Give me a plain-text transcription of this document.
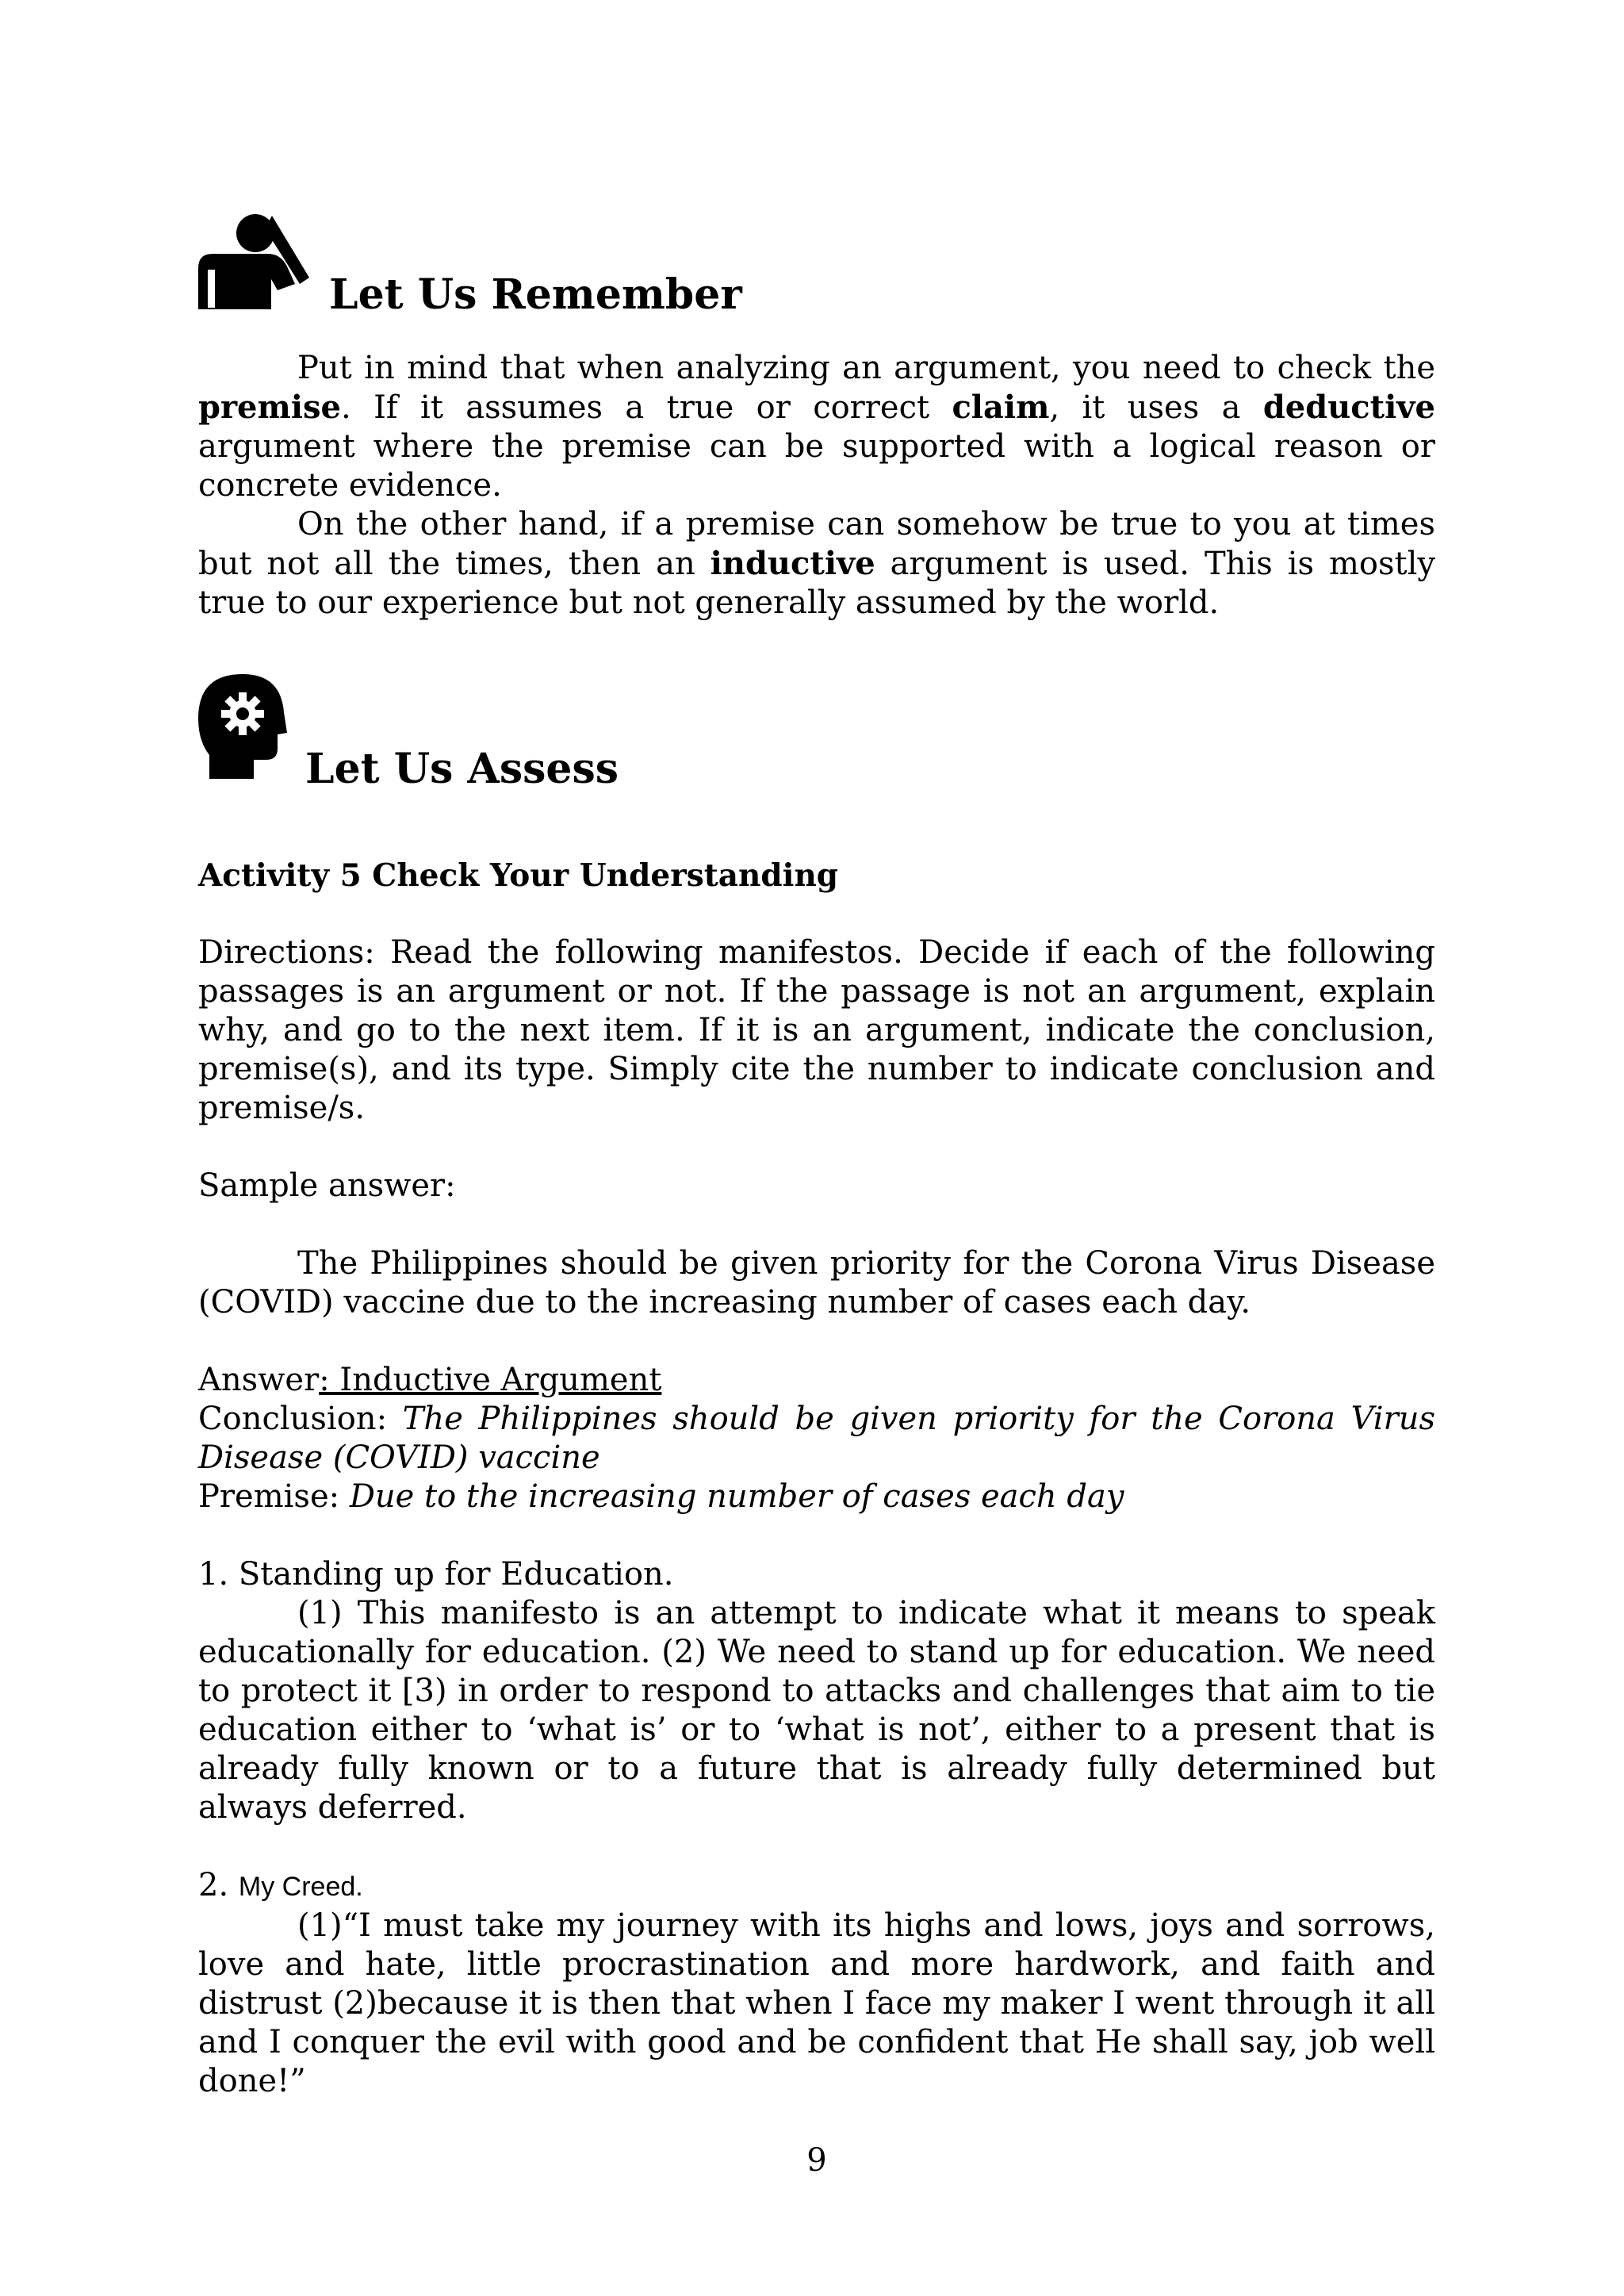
Let Us Remember

Put in mind that when analyzing an argument, you need to check the premise. If it assumes a true or correct claim, it uses a deductive argument where the premise can be supported with a logical reason or concrete evidence.

On the other hand, if a premise can somehow be true to you at times but not all the times, then an inductive argument is used. This is mostly true to our experience but not generally assumed by the world.

Let Us Assess

Activity 5 Check Your Understanding

Directions: Read the following manifestos. Decide if each of the following passages is an argument or not. If the passage is not an argument, explain why, and go to the next item. If it is an argument, indicate the conclusion, premise(s), and its type. Simply cite the number to indicate conclusion and premise/s.

Sample answer:

The Philippines should be given priority for the Corona Virus Disease (COVID) vaccine due to the increasing number of cases each day.

Answer: Inductive Argument

Conclusion: The Philippines should be given priority for the Corona Virus Disease (COVID) vaccine

Premise: Due to the increasing number of cases each day

1. Standing up for Education.

(1) This manifesto is an attempt to indicate what it means to speak educationally for education. (2) We need to stand up for education. We need to protect it [3) in order to respond to attacks and challenges that aim to tie education either to ‘what is’ or to ‘what is not’, either to a present that is already fully known or to a future that is already fully determined but always deferred.

2. My Creed.

(1)“I must take my journey with its highs and lows, joys and sorrows, love and hate, little procrastination and more hardwork, and faith and distrust (2)because it is then that when I face my maker I went through it all and I conquer the evil with good and be confident that He shall say, job well done!”

9
